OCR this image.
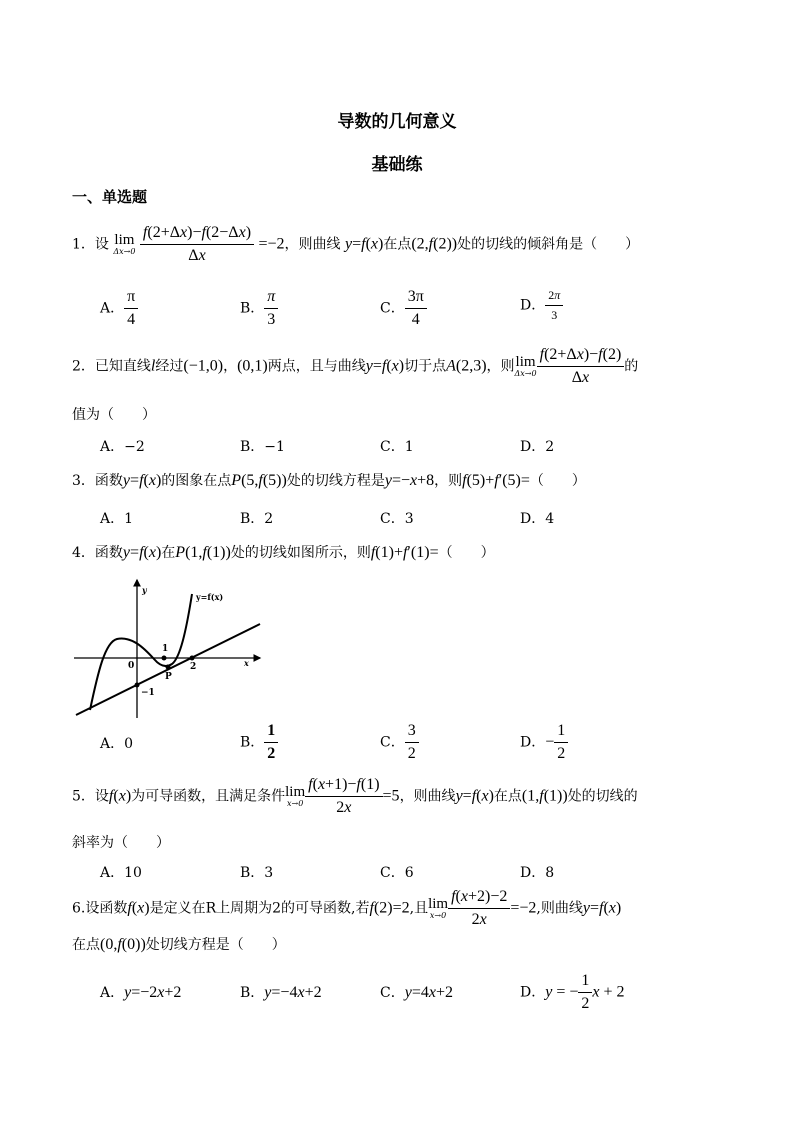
导数的几何意义
基础练
一、单选题
1．设 lim
Δx→0
$\frac{f(2+\Delta x)-f(2-\Delta x)}{\Delta x} =-2$，则曲线 y=f(x)在点(2,f(2))处的切线的倾斜角是（　　）
A． $\frac{\pi}{4}$	B． $\frac{\pi}{3}$	C． $\frac{3\pi}{4}$	D． $\frac{2\pi}{3}$
2．已知直线l经过(−1,0)，(0,1)两点，且与曲线y=f(x)切于点A(2,3)，则 lim
$\Delta x\to 0 \frac{f(2+\Delta x)-f(2)}{\Delta x}$ 的
值为（　　）
A．−2	B．−1	C．1	D．2
3．函数y=f(x)的图象在点P(5,f(5))处的切线方程是y=−x+8，则f(5)+f′(5)=（　　）
A．1	B．2	C．3	D．4
4．函数y=f(x)在P(1,f(1))处的切线如图所示，则f(1)+f′(1)=（　　）
y=f(x)
y
x
0
1
2
−1
P
A．0	B． $\frac{1}{2}$	C． $\frac{3}{2}$	D．− $\frac{1}{2}$
5．设f(x)为可导函数，且满足条件 lim
$x\to 0 \frac{f(x+1)-f(1)}{2x} =5$，则曲线y=f(x)在点(1,f(1))处的切线的
斜率为（　　）
A．10	B．3	C．6	D．8
6.设函数f(x)是定义在R上周期为2的可导函数,若f(2)=2,且 lim
$x\to 0 \frac{f(x+2)-2}{2x} =-2$,则曲线y=f(x)
在点(0,f(0))处切线方程是（　　）
A．y=−2x+2	B．y=−4x+2	C．y=4x+2	D．y = − $\frac{1}{2}$ x + 2
